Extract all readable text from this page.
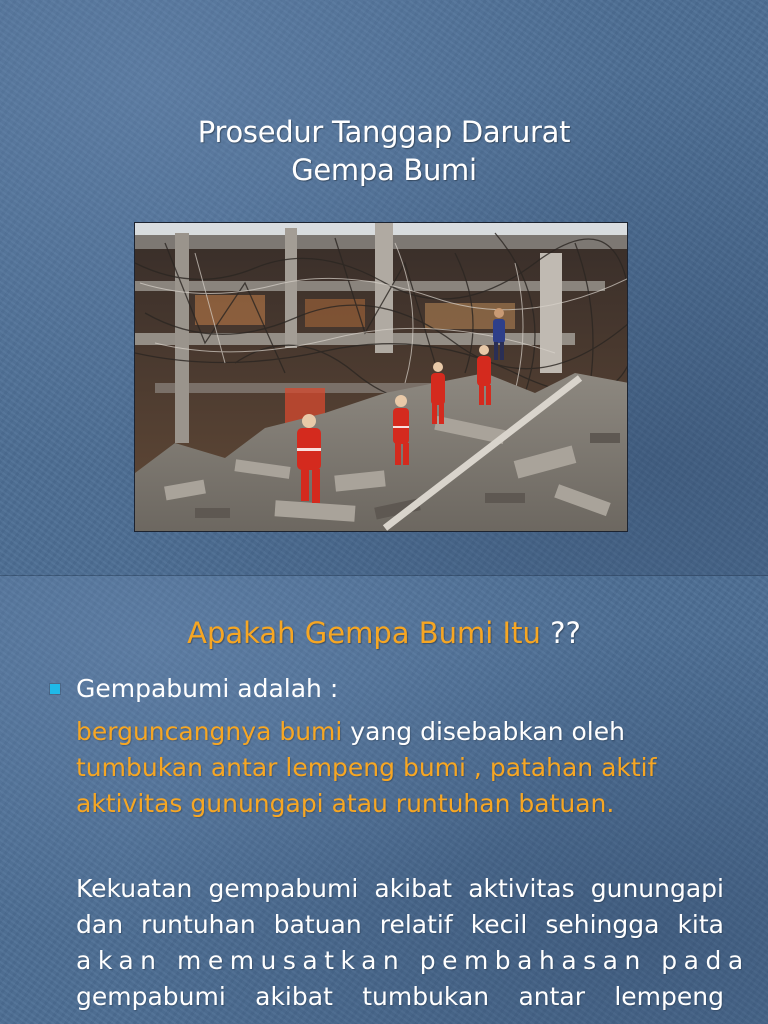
Prosedur Tanggap Darurat
Gempa Bumi
Apakah Gempa Bumi Itu ??
Gempabumi adalah :
berguncangnya bumi yang disebabkan oleh
tumbukan antar lempeng bumi , patahan aktif
aktivitas gunungapi atau runtuhan batuan.
Kekuatan gempabumi akibat aktivitas gunungapi
dan runtuhan batuan relatif kecil sehingga kita
akan memusatkan pembahasan pada
gempabumi akibat tumbukan antar lempeng
